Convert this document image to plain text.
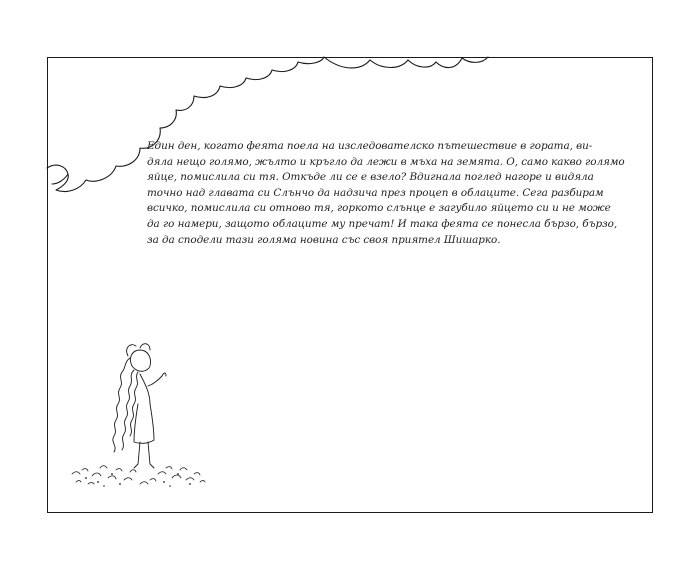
Един ден, когато феята поела на изследователско пътешествие в гората, ви-
дяла нещо голямо, жълто и кръгло да лежи в мъха на земята. О, само какво голямо
яйце, помислила си тя. Откъде ли се е взело? Вдигнала поглед нагоре и видяла
точно над главата си Слънчо да надзича през процеп в облаците. Сега разбирам
всичко, помислила си отново тя, горкото слънце е загубило яйцето си и не може
да го намери, защото облаците му пречат! И така феята се понесла бързо, бързо,
за да сподели тази голяма новина със своя приятел Шишарко.
